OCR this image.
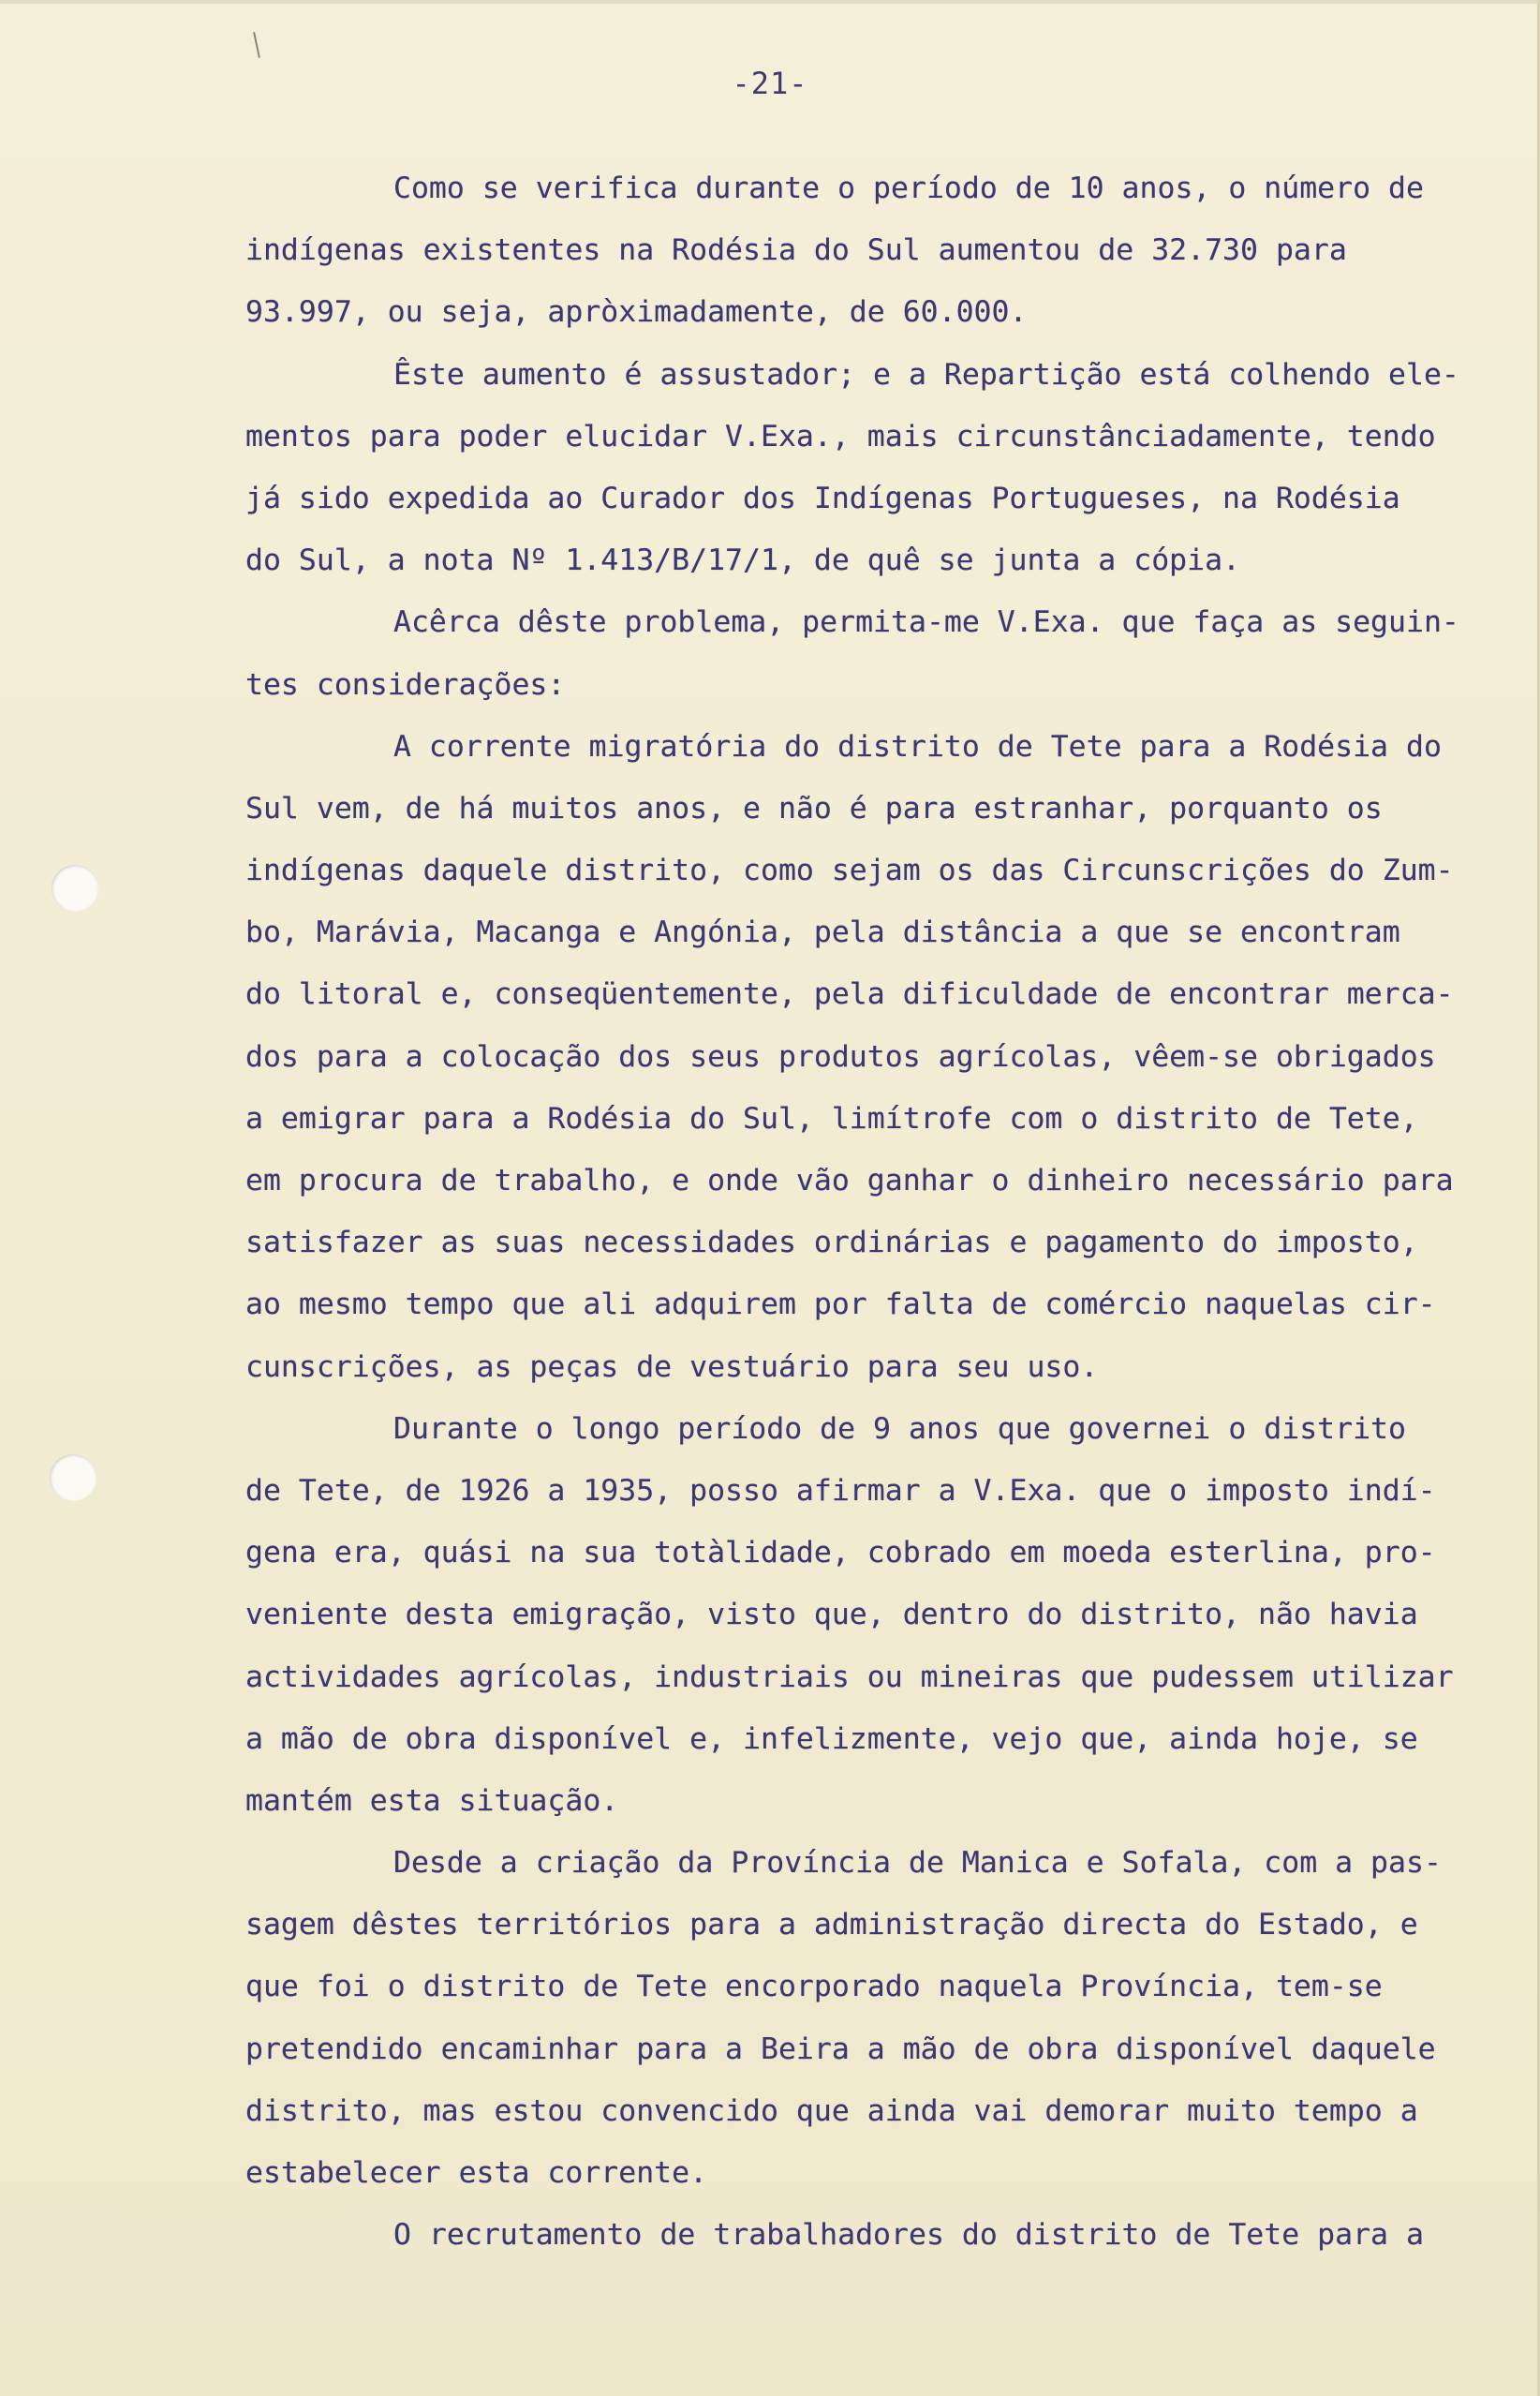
-21-
Como se verifica durante o período de 10 anos, o número de
indígenas existentes na Rodésia do Sul aumentou de 32.730 para
93.997, ou seja, apròximadamente, de 60.000.
Êste aumento é assustador; e a Repartição está colhendo ele-
mentos para poder elucidar V.Exa., mais circunstânciadamente, tendo
já sido expedida ao Curador dos Indígenas Portugueses, na Rodésia
do Sul, a nota Nº 1.413/B/17/1, de quê se junta a cópia.
Acêrca dêste problema, permita-me V.Exa. que faça as seguin-
tes considerações:
A corrente migratória do distrito de Tete para a Rodésia do
Sul vem, de há muitos anos, e não é para estranhar, porquanto os
indígenas daquele distrito, como sejam os das Circunscrições do Zum-
bo, Marávia, Macanga e Angónia, pela distância a que se encontram
do litoral e, conseqüentemente, pela dificuldade de encontrar merca-
dos para a colocação dos seus produtos agrícolas, vêem-se obrigados
a emigrar para a Rodésia do Sul, limítrofe com o distrito de Tete,
em procura de trabalho, e onde vão ganhar o dinheiro necessário para
satisfazer as suas necessidades ordinárias e pagamento do imposto,
ao mesmo tempo que ali adquirem por falta de comércio naquelas cir-
cunscrições, as peças de vestuário para seu uso.
Durante o longo período de 9 anos que governei o distrito
de Tete, de 1926 a 1935, posso afirmar a V.Exa. que o imposto indí-
gena era, quási na sua totàlidade, cobrado em moeda esterlina, pro-
veniente desta emigração, visto que, dentro do distrito, não havia
actividades agrícolas, industriais ou mineiras que pudessem utilizar
a mão de obra disponível e, infelizmente, vejo que, ainda hoje, se
mantém esta situação.
Desde a criação da Província de Manica e Sofala, com a pas-
sagem dêstes territórios para a administração directa do Estado, e
que foi o distrito de Tete encorporado naquela Província, tem-se
pretendido encaminhar para a Beira a mão de obra disponível daquele
distrito, mas estou convencido que ainda vai demorar muito tempo a
estabelecer esta corrente.
O recrutamento de trabalhadores do distrito de Tete para a
